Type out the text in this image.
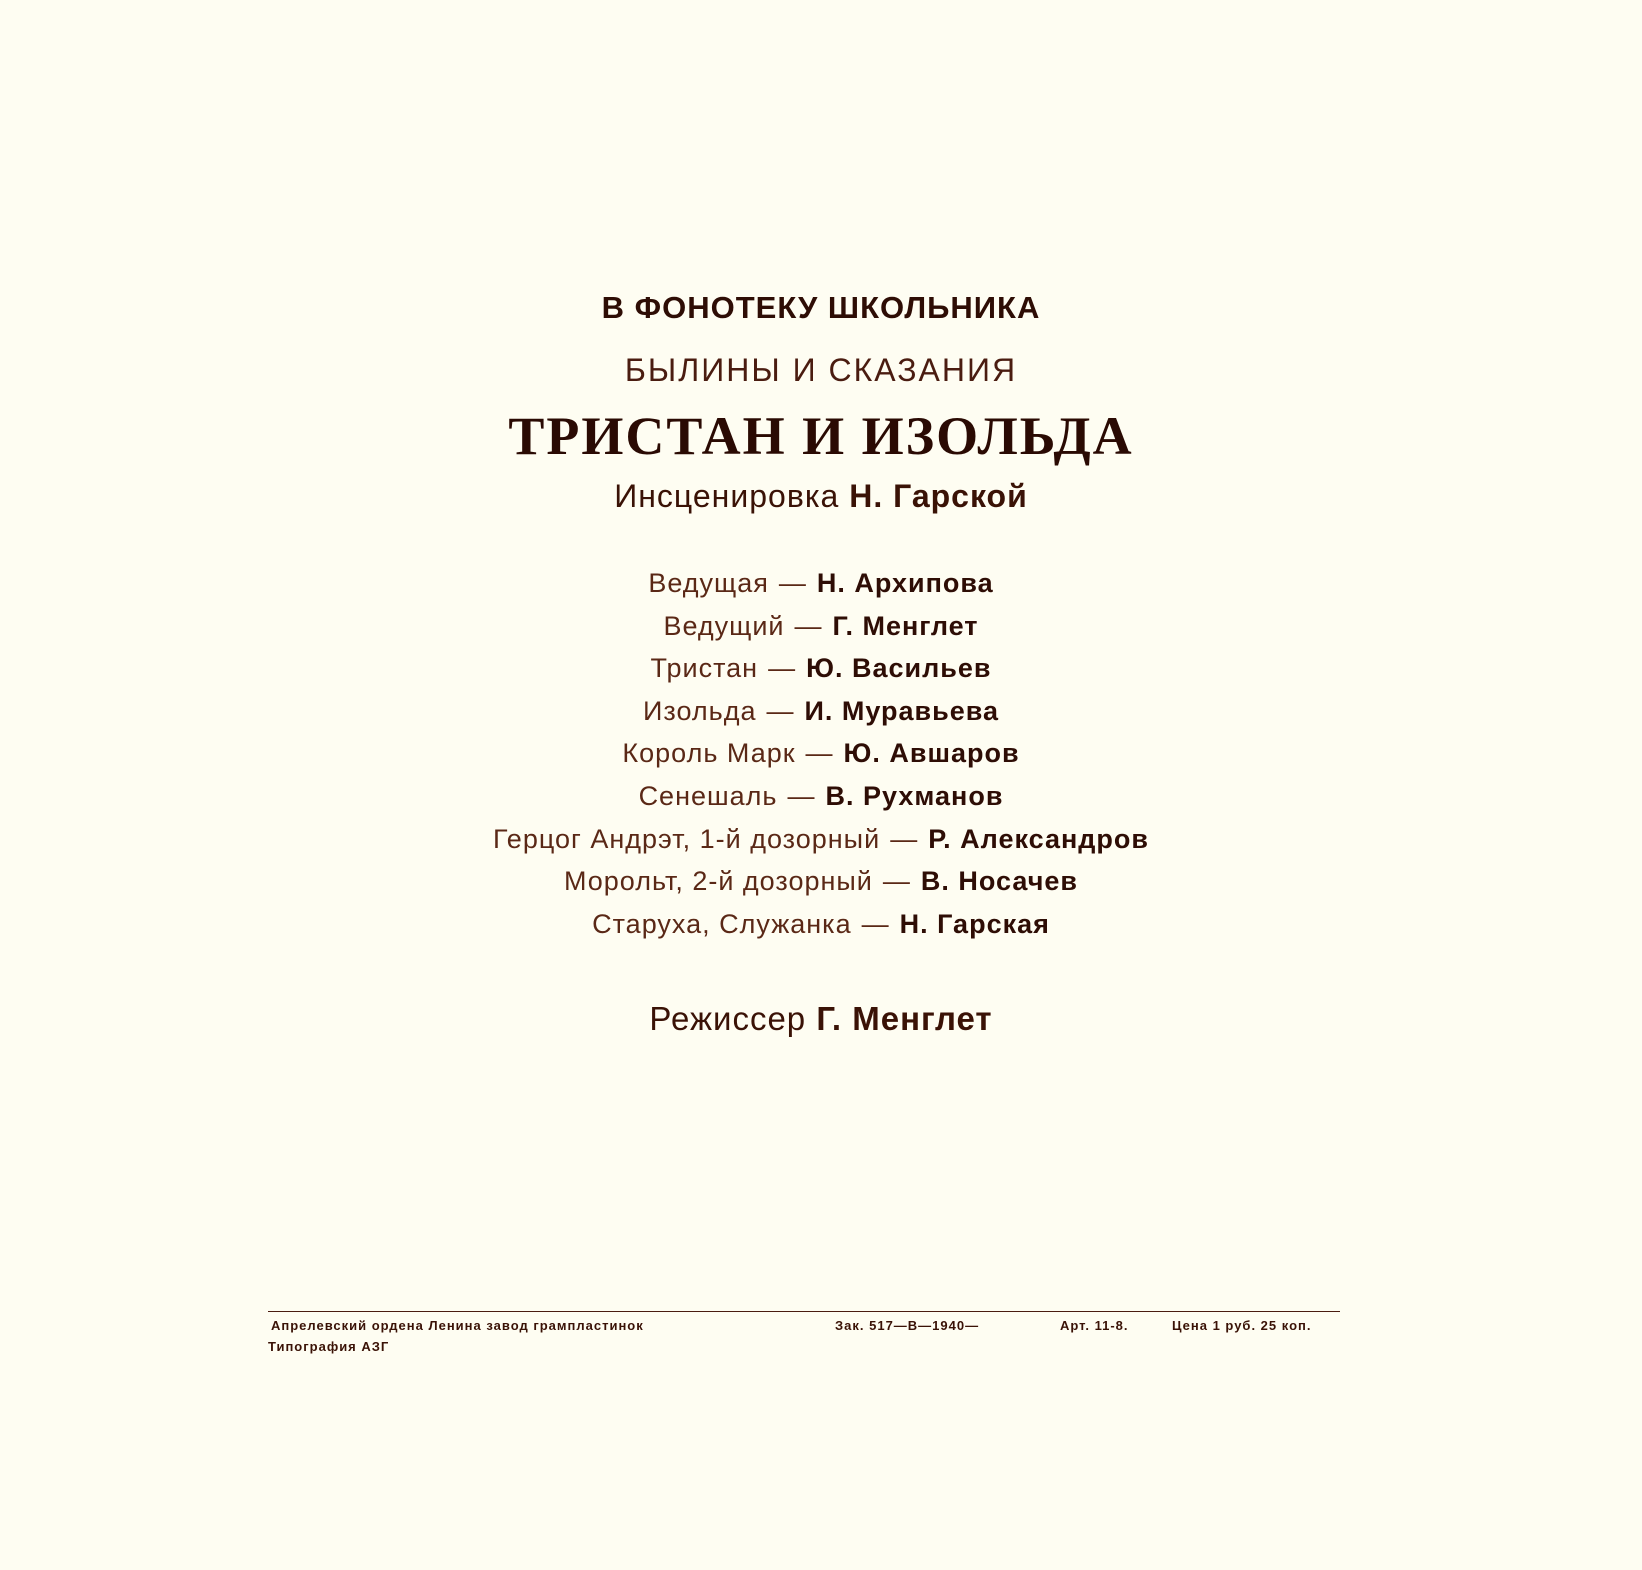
В ФОНОТЕКУ ШКОЛЬНИКА
БЫЛИНЫ И СКАЗАНИЯ
ТРИСТАН И ИЗОЛЬДА
Инсценировка Н. Гарской
Ведущая — Н. Архипова
Ведущий — Г. Менглет
Тристан — Ю. Васильев
Изольда — И. Муравьева
Король Марк — Ю. Авшаров
Сенешаль — В. Рухманов
Герцог Андрэт, 1-й дозорный — Р. Александров
Морольт, 2-й дозорный — В. Носачев
Старуха, Служанка — Н. Гарская
Режиссер Г. Менглет
Апрелевский ордена Ленина завод грампластинок	Зак. 517—В—1940—	Арт. 11-8.	Цена 1 руб. 25 коп.
Типография АЗГ
